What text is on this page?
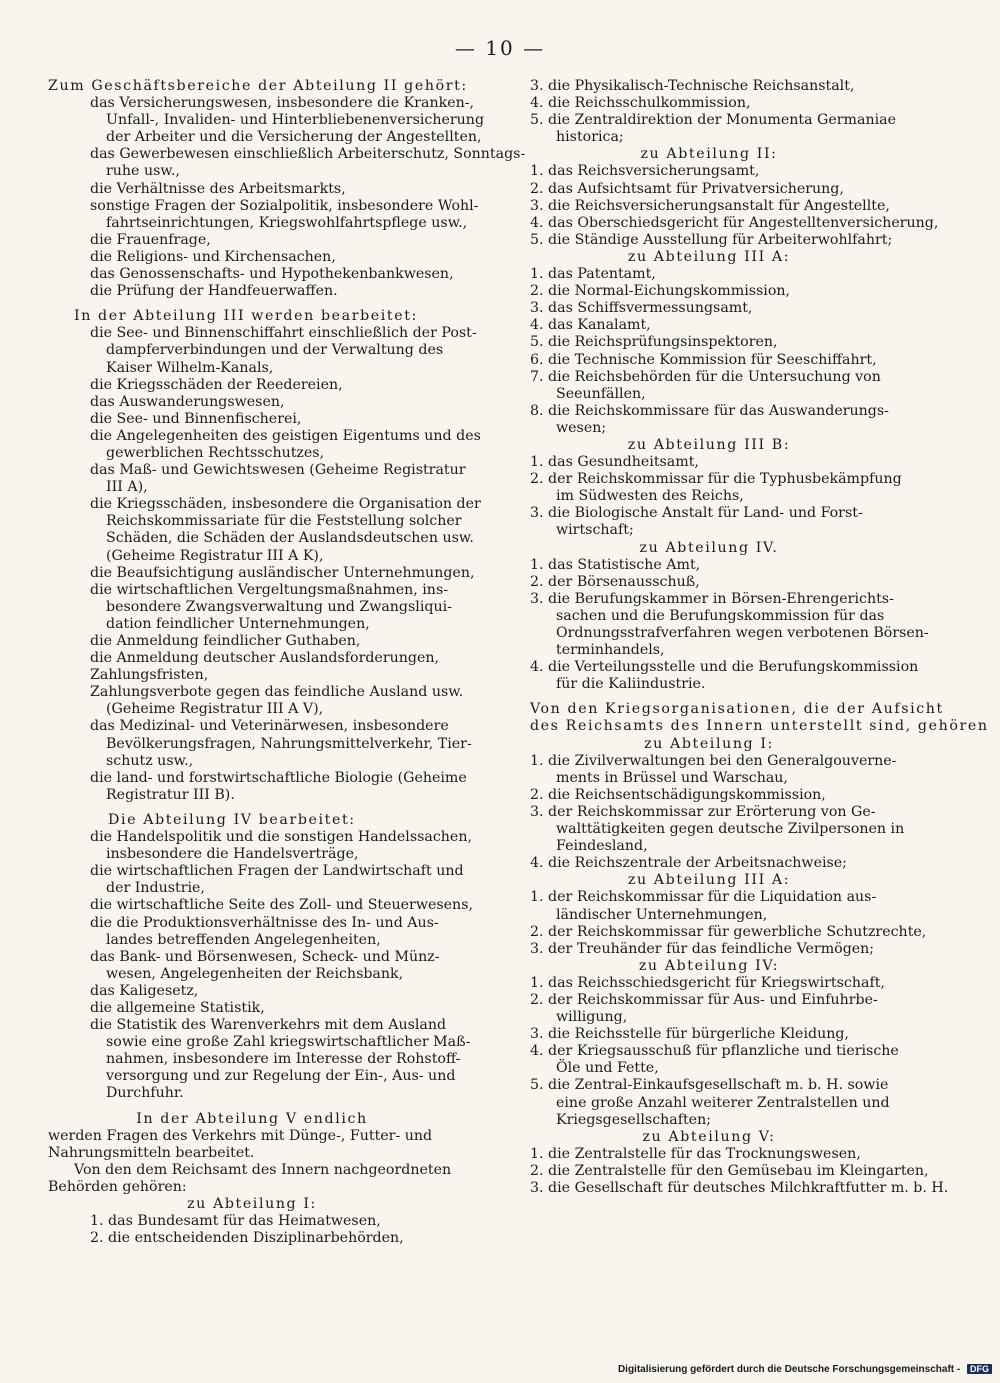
— 10 —
Zum Geschäftsbereiche der Abteilung II gehört:
das Versicherungswesen, insbesondere die Kranken-,
Unfall-, Invaliden- und Hinterbliebenenversicherung
der Arbeiter und die Versicherung der Angestellten,
das Gewerbewesen einschließlich Arbeiterschutz, Sonntags-
ruhe usw.,
die Verhältnisse des Arbeitsmarkts,
sonstige Fragen der Sozialpolitik, insbesondere Wohl-
fahrtseinrichtungen, Kriegswohlfahrtspflege usw.,
die Frauenfrage,
die Religions- und Kirchensachen,
das Genossenschafts- und Hypothekenbankwesen,
die Prüfung der Handfeuerwaffen.
In der Abteilung III werden bearbeitet:
die See- und Binnenschiffahrt einschließlich der Post-
dampferverbindungen und der Verwaltung des
Kaiser Wilhelm-Kanals,
die Kriegsschäden der Reedereien,
das Auswanderungswesen,
die See- und Binnenfischerei,
die Angelegenheiten des geistigen Eigentums und des
gewerblichen Rechtsschutzes,
das Maß- und Gewichtswesen (Geheime Registratur
III A),
die Kriegsschäden, insbesondere die Organisation der
Reichskommissariate für die Feststellung solcher
Schäden, die Schäden der Auslandsdeutschen usw.
(Geheime Registratur III A K),
die Beaufsichtigung ausländischer Unternehmungen,
die wirtschaftlichen Vergeltungsmaßnahmen, ins-
besondere Zwangsverwaltung und Zwangsliqui-
dation feindlicher Unternehmungen,
die Anmeldung feindlicher Guthaben,
die Anmeldung deutscher Auslandsforderungen,
Zahlungsfristen,
Zahlungsverbote gegen das feindliche Ausland usw.
(Geheime Registratur III A V),
das Medizinal- und Veterinärwesen, insbesondere
Bevölkerungsfragen, Nahrungsmittelverkehr, Tier-
schutz usw.,
die land- und forstwirtschaftliche Biologie (Geheime
Registratur III B).
Die Abteilung IV bearbeitet:
die Handelspolitik und die sonstigen Handelssachen,
insbesondere die Handelsverträge,
die wirtschaftlichen Fragen der Landwirtschaft und
der Industrie,
die wirtschaftliche Seite des Zoll- und Steuerwesens,
die die Produktionsverhältnisse des In- und Aus-
landes betreffenden Angelegenheiten,
das Bank- und Börsenwesen, Scheck- und Münz-
wesen, Angelegenheiten der Reichsbank,
das Kaligesetz,
die allgemeine Statistik,
die Statistik des Warenverkehrs mit dem Ausland
sowie eine große Zahl kriegswirtschaftlicher Maß-
nahmen, insbesondere im Interesse der Rohstoff-
versorgung und zur Regelung der Ein-, Aus- und
Durchfuhr.
In der Abteilung V endlich
werden Fragen des Verkehrs mit Dünge-, Futter- und
Nahrungsmitteln bearbeitet.
Von den dem Reichsamt des Innern nachgeordneten
Behörden gehören:
zu Abteilung I:
1. das Bundesamt für das Heimatwesen,
2. die entscheidenden Disziplinarbehörden,
3. die Physikalisch-Technische Reichsanstalt,
4. die Reichsschulkommission,
5. die Zentraldirektion der Monumenta Germaniae
historica;
zu Abteilung II:
1. das Reichsversicherungsamt,
2. das Aufsichtsamt für Privatversicherung,
3. die Reichsversicherungsanstalt für Angestellte,
4. das Oberschiedsgericht für Angestelltenversicherung,
5. die Ständige Ausstellung für Arbeiterwohlfahrt;
zu Abteilung III A:
1. das Patentamt,
2. die Normal-Eichungskommission,
3. das Schiffsvermessungsamt,
4. das Kanalamt,
5. die Reichsprüfungsinspektoren,
6. die Technische Kommission für Seeschiffahrt,
7. die Reichsbehörden für die Untersuchung von
Seeunfällen,
8. die Reichskommissare für das Auswanderungs-
wesen;
zu Abteilung III B:
1. das Gesundheitsamt,
2. der Reichskommissar für die Typhusbekämpfung
im Südwesten des Reichs,
3. die Biologische Anstalt für Land- und Forst-
wirtschaft;
zu Abteilung IV.
1. das Statistische Amt,
2. der Börsenausschuß,
3. die Berufungskammer in Börsen-Ehrengerichts-
sachen und die Berufungskommission für das
Ordnungsstrafverfahren wegen verbotenen Börsen-
terminhandels,
4. die Verteilungsstelle und die Berufungskommission
für die Kaliindustrie.
Von den Kriegsorganisationen, die der Aufsicht
des Reichsamts des Innern unterstellt sind, gehören
zu Abteilung I:
1. die Zivilverwaltungen bei den Generalgouverne-
ments in Brüssel und Warschau,
2. die Reichsentschädigungskommission,
3. der Reichskommissar zur Erörterung von Ge-
walttätigkeiten gegen deutsche Zivilpersonen in
Feindesland,
4. die Reichszentrale der Arbeitsnachweise;
zu Abteilung III A:
1. der Reichskommissar für die Liquidation aus-
ländischer Unternehmungen,
2. der Reichskommissar für gewerbliche Schutzrechte,
3. der Treuhänder für das feindliche Vermögen;
zu Abteilung IV:
1. das Reichsschiedsgericht für Kriegswirtschaft,
2. der Reichskommissar für Aus- und Einfuhrbe-
willigung,
3. die Reichsstelle für bürgerliche Kleidung,
4. der Kriegsausschuß für pflanzliche und tierische
Öle und Fette,
5. die Zentral-Einkaufsgesellschaft m. b. H. sowie
eine große Anzahl weiterer Zentralstellen und
Kriegsgesellschaften;
zu Abteilung V:
1. die Zentralstelle für das Trocknungswesen,
2. die Zentralstelle für den Gemüsebau im Kleingarten,
3. die Gesellschaft für deutsches Milchkraftfutter m. b. H.
Digitalisierung gefördert durch die Deutsche Forschungsgemeinschaft - DFG
